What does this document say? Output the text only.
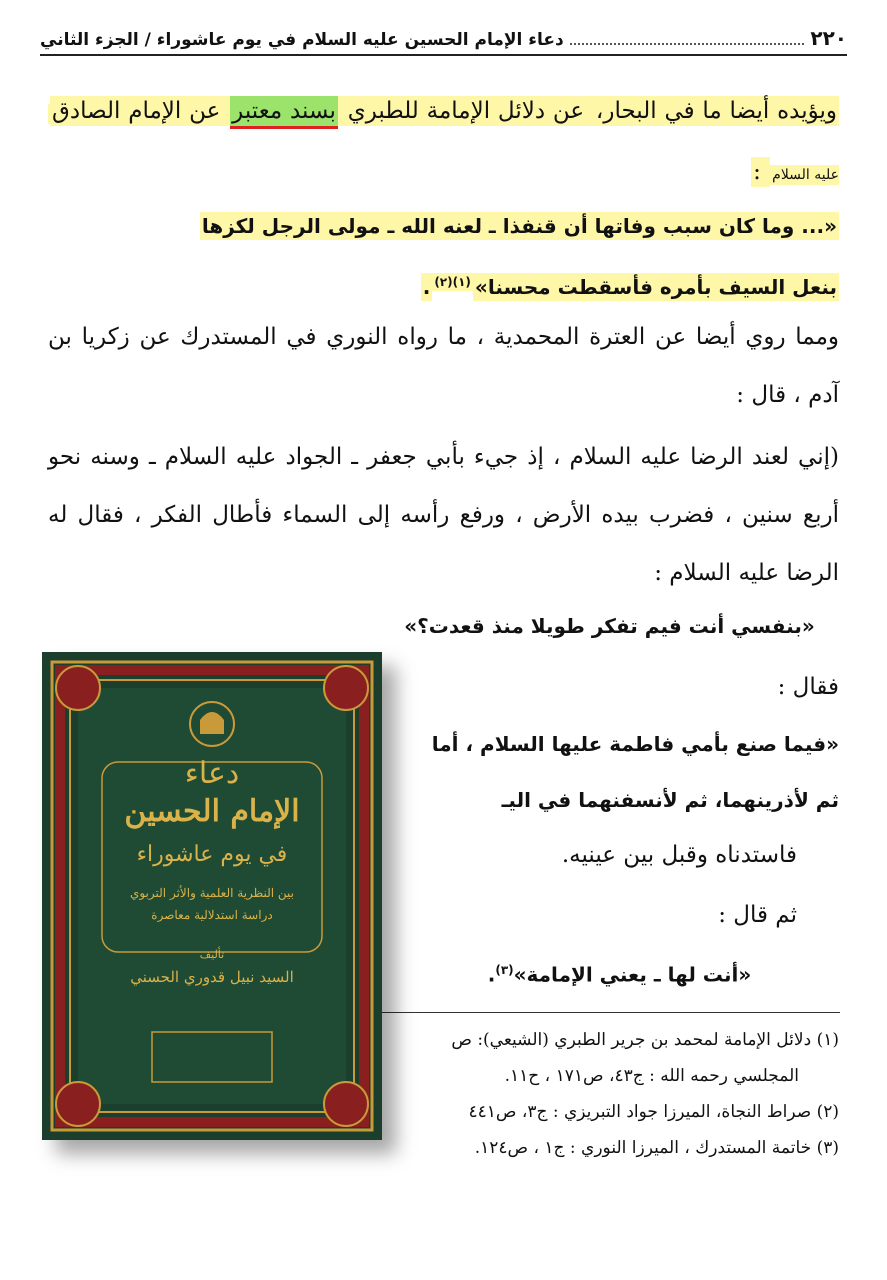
٢٢٠
دعاء الإمام الحسين عليه السلام في يوم عاشوراء / الجزء الثاني
ويؤيده أيضا ما في البحار، عن دلائل الإمامة للطبري بسند معتبر عن الإمام الصادق عليه السلام :
«... وما كان سبب وفاتها أن قنفذا ـ لعنه الله ـ مولى الرجل لكزها
بنعل السيف بأمره فأسقطت محسنا»$^{(١)(٢)}$.
ومما روي أيضا عن العترة المحمدية ، ما رواه النوري في المستدرك عن زكريا بن آدم ، قال :
(إني لعند الرضا عليه السلام ، إذ جيء بأبي جعفر ـ الجواد عليه السلام ـ وسنه نحو أربع سنين ، فضرب بيده الأرض ، ورفع رأسه إلى السماء فأطال الفكر ، فقال له الرضا عليه السلام :
«بنفسي أنت فيم تفكر طويلا منذ قعدت؟»
فقال :
«فيما صنع بأمي فاطمة عليها السلام ، أما
ثم لأذرينهما، ثم لأنسفنهما في اليـ
فاستدناه وقبل بين عينيه.
ثم قال :
«أنت لها ـ يعني الإمامة»$^{(٣)}$.
(١) دلائل الإمامة لمحمد بن جرير الطبري (الشيعي): ص
المجلسي رحمه الله : ج٤٣، ص١٧١ ، ح١١.
(٢) صراط النجاة، الميرزا جواد التبريزي : ج٣، ص٤٤١
(٣) خاتمة المستدرك ، الميرزا النوري : ج١ ، ص١٢٤.
دعاء
الإمام الحسين
في يوم عاشوراء
بين النظرية العلمية والأثر التربوي
دراسة استدلالية معاصرة
تأليف
السيد نبيل قدوري الحسني
